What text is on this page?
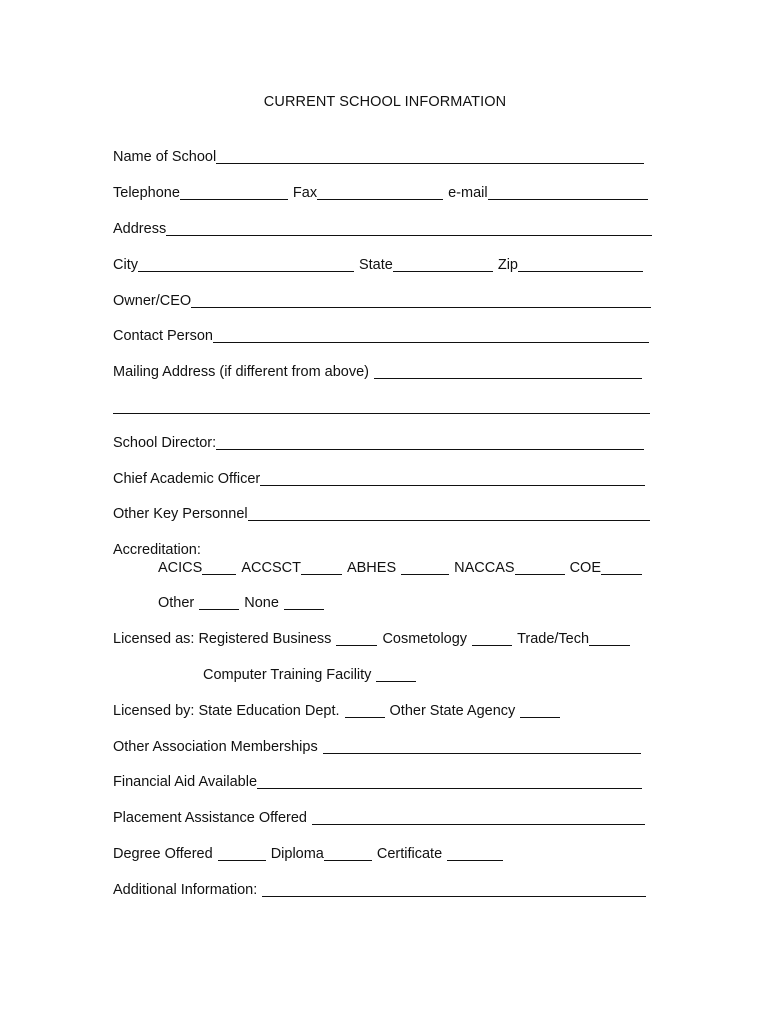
CURRENT SCHOOL INFORMATION
Name of School
Telephone	Fax	e-mail
Address
City	State	Zip
Owner/CEO
Contact Person
Mailing Address (if different from above)
School Director:
Chief Academic Officer
Other Key Personnel
Accreditation:
ACICS	ACCSCT	ABHES	NACCAS	COE
Other	None
Licensed as: Registered Business	Cosmetology	Trade/Tech
Computer Training Facility
Licensed by: State Education Dept.	Other State Agency
Other Association Memberships
Financial Aid Available
Placement Assistance Offered
Degree Offered	Diploma	Certificate
Additional Information:
